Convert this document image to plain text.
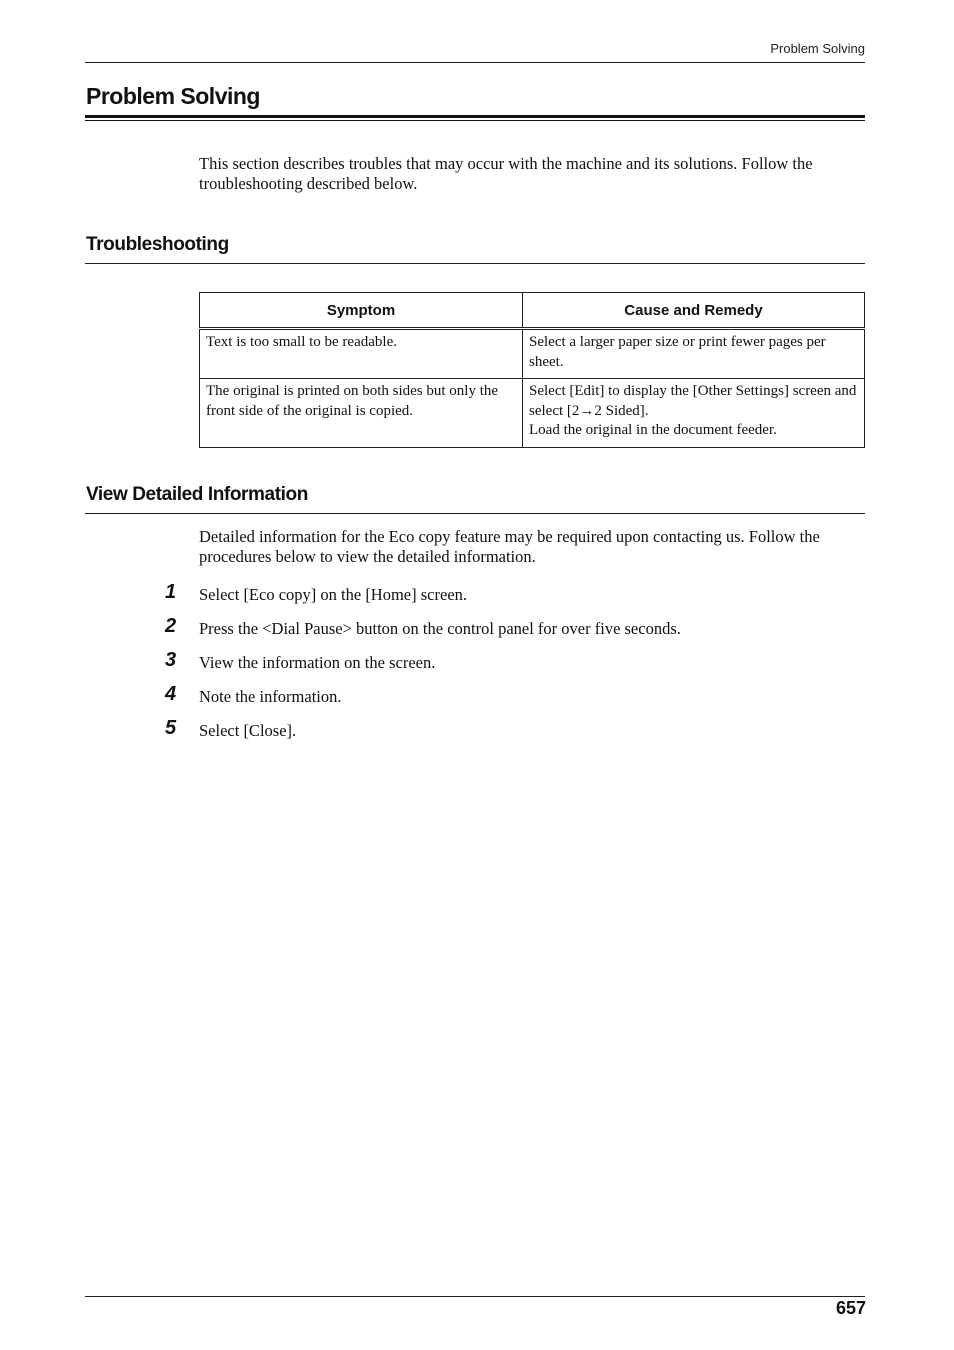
Problem Solving
Problem Solving

This section describes troubles that may occur with the machine and its solutions. Follow the troubleshooting described below.

Troubleshooting
Symptom	Cause and Remedy
Text is too small to be readable.	Select a larger paper size or print fewer pages per sheet.

The original is printed on both sides but only the front side of the original is copied.	Select [Edit] to display the [Other Settings] screen and select [2→2 Sided].
Load the original in the document feeder.
View Detailed Information

Detailed information for the Eco copy feature may be required upon contacting us. Follow the procedures below to view the detailed information.

1	Select [Eco copy] on the [Home] screen.
2	Press the <Dial Pause> button on the control panel for over five seconds.
3	View the information on the screen.
4	Note the information.
5	Select [Close].
657
